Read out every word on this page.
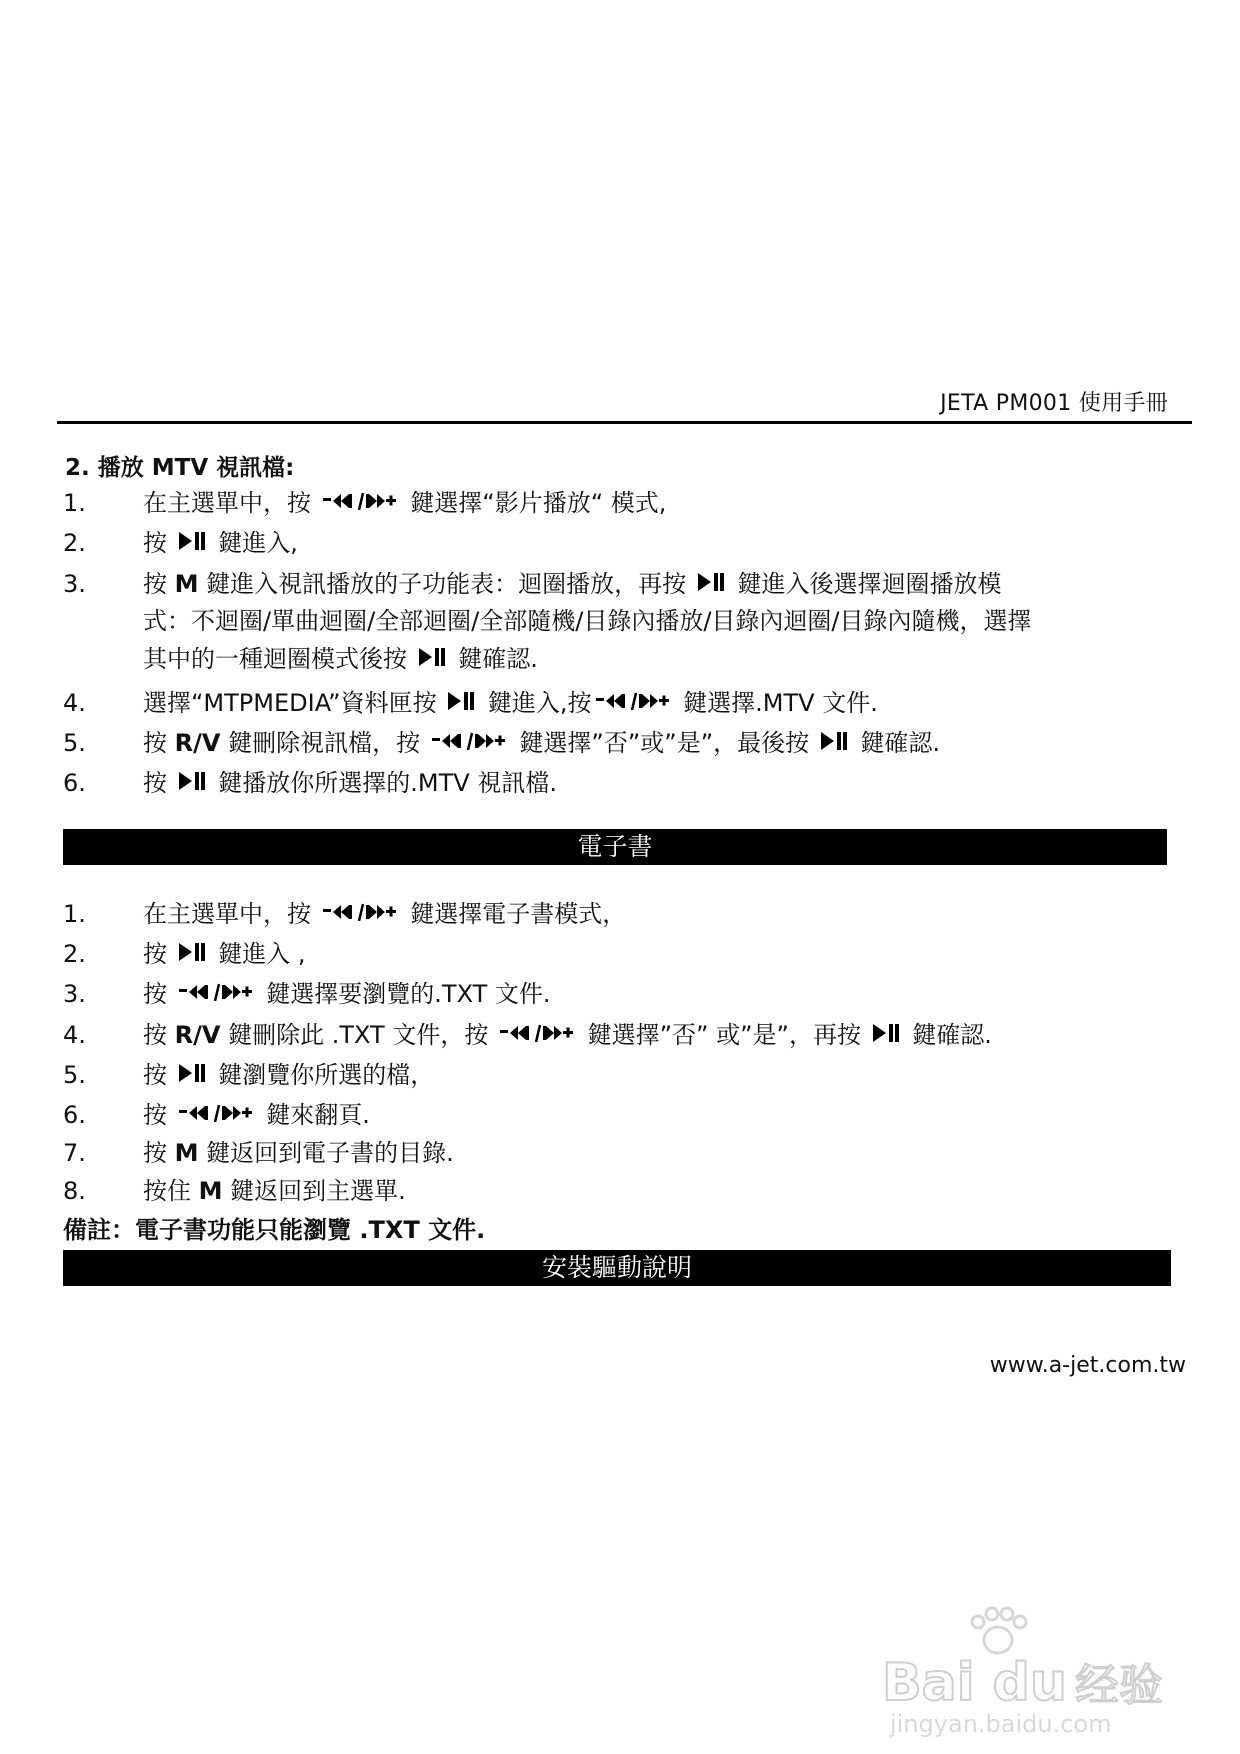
JETA PM001 使用手冊
2. 播放 MTV 視訊檔:
1. 在主選單中，按	鍵選擇“影片播放“ 模式,
2. 按 鍵進入,
3. 按 M 鍵進入視訊播放的子功能表：迴圈播放，再按 鍵進入後選擇迴圈播放模
式：不迴圈/單曲迴圈/全部迴圈/全部隨機/目錄內播放/目錄內迴圈/目錄內隨機，選擇
其中的一種迴圈模式後按 鍵確認.
4. 選擇“MTPMEDIA”資料匣按 鍵進入,按	鍵選擇.MTV 文件.
5. 按 R/V 鍵刪除視訊檔，按	鍵選擇”否”或”是”，最後按 鍵確認.
6. 按 鍵播放你所選擇的.MTV 視訊檔.
電子書
1. 在主選單中，按	鍵選擇電子書模式，
2. 按 鍵進入 ,
3. 按	鍵選擇要瀏覽的.TXT 文件.
4. 按 R/V 鍵刪除此 .TXT 文件，按	鍵選擇”否” 或”是”，再按 鍵確認.
5. 按 鍵瀏覽你所選的檔，
6. 按	鍵來翻頁.
7. 按 M 鍵返回到電子書的目錄.
8. 按住 M 鍵返回到主選單.
備註：電子書功能只能瀏覽 .TXT 文件.
安裝驅動說明
www.a-jet.com.tw
Bai du 经验
jingyan.baidu.com
